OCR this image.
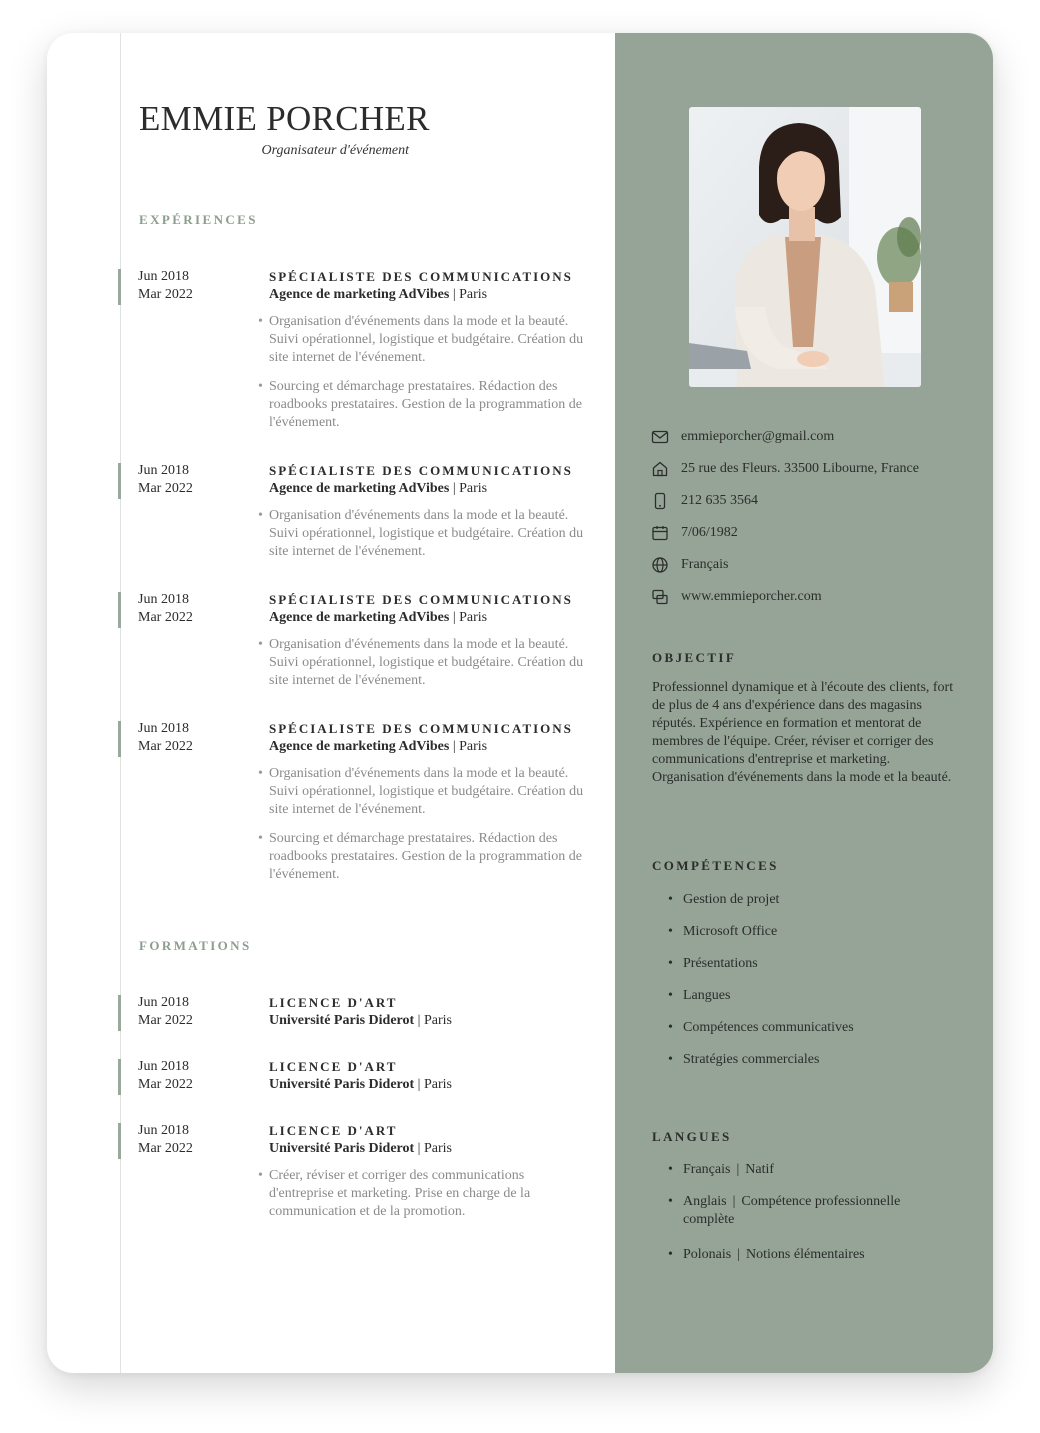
EMMIE PORCHER
Organisateur d'événement
EXPÉRIENCES
Jun 2018
Mar 2022
SPÉCIALISTE DES COMMUNICATIONS
Agence de marketing AdVibes | Paris
• Organisation d'événements dans la mode et la beauté. Suivi opérationnel, logistique et budgétaire. Création du site internet de l'événement.
• Sourcing et démarchage prestataires. Rédaction des roadbooks prestataires. Gestion de la programmation de l'événement.
Jun 2018
Mar 2022
SPÉCIALISTE DES COMMUNICATIONS
Agence de marketing AdVibes | Paris
• Organisation d'événements dans la mode et la beauté. Suivi opérationnel, logistique et budgétaire. Création du site internet de l'événement.
Jun 2018
Mar 2022
SPÉCIALISTE DES COMMUNICATIONS
Agence de marketing AdVibes | Paris
• Organisation d'événements dans la mode et la beauté. Suivi opérationnel, logistique et budgétaire. Création du site internet de l'événement.
Jun 2018
Mar 2022
SPÉCIALISTE DES COMMUNICATIONS
Agence de marketing AdVibes | Paris
• Organisation d'événements dans la mode et la beauté. Suivi opérationnel, logistique et budgétaire. Création du site internet de l'événement.
• Sourcing et démarchage prestataires. Rédaction des roadbooks prestataires. Gestion de la programmation de l'événement.
FORMATIONS
Jun 2018
Mar 2022
LICENCE D'ART
Université Paris Diderot | Paris
Jun 2018
Mar 2022
LICENCE D'ART
Université Paris Diderot | Paris
Jun 2018
Mar 2022
LICENCE D'ART
Université Paris Diderot | Paris
• Créer, réviser et corriger des communications d'entreprise et marketing. Prise en charge de la communication et de la promotion.
emmieporcher@gmail.com
25 rue des Fleurs. 33500 Libourne, France
212 635 3564
7/06/1982
Français
www.emmieporcher.com
OBJECTIF

Professionnel dynamique et à l'écoute des clients, fort de plus de 4 ans d'expérience dans des magasins réputés. Expérience en formation et mentorat de membres de l'équipe. Créer, réviser et corriger des communications d'entreprise et marketing. Organisation d'événements dans la mode et la beauté.

COMPÉTENCES
• Gestion de projet
• Microsoft Office
• Présentations
• Langues
• Compétences communicatives
• Stratégies commerciales
LANGUES
• Français | Natif
• Anglais | Compétence professionnelle complète
• Polonais | Notions élémentaires
